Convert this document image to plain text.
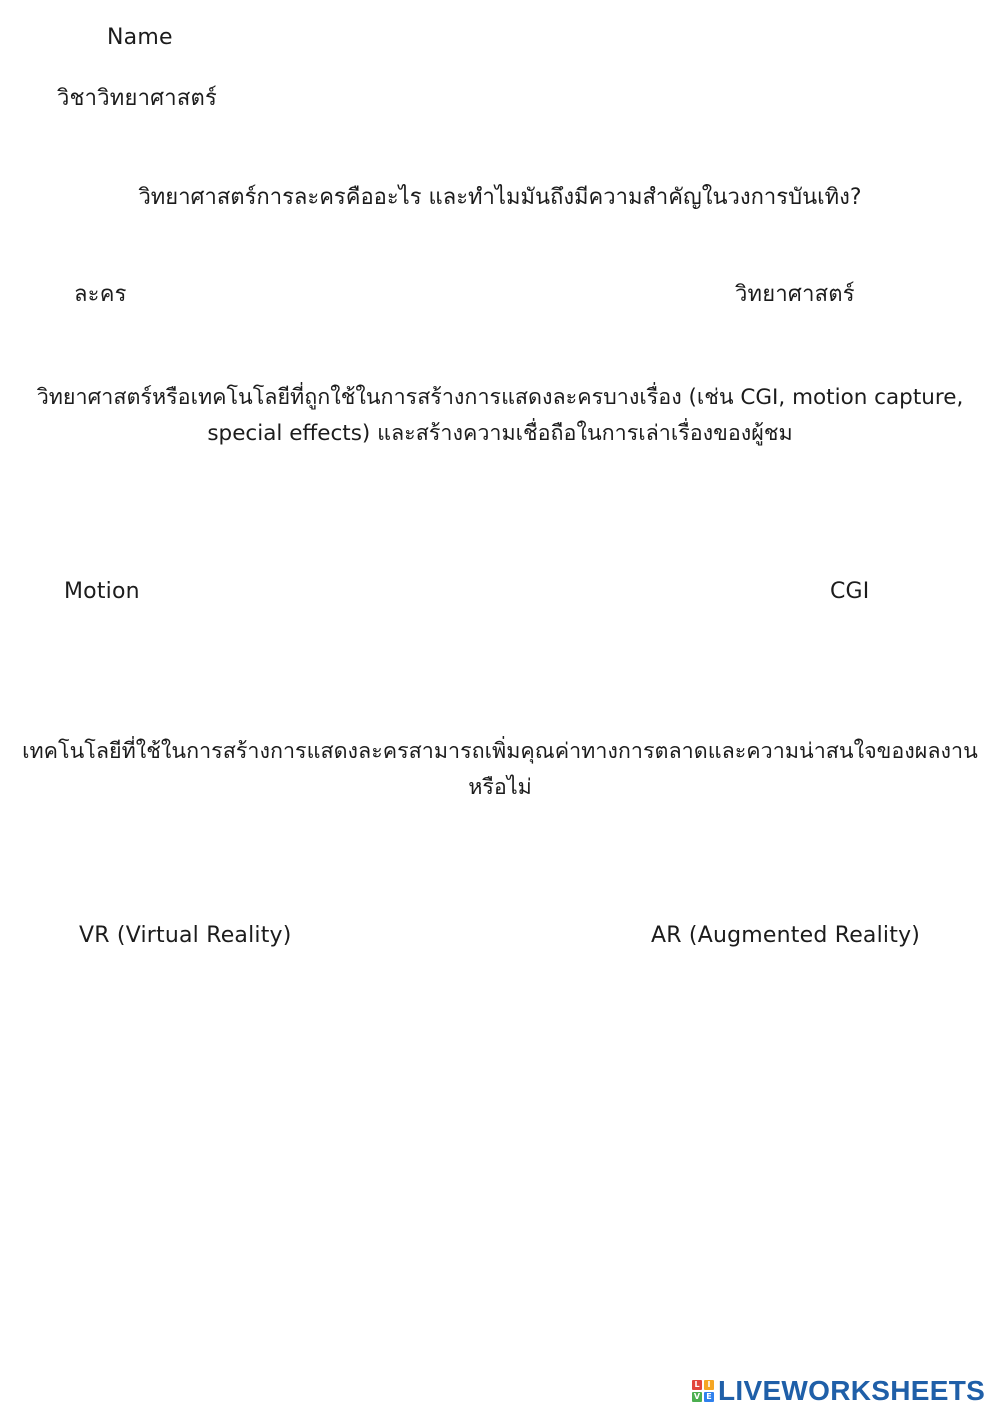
Name
วิชาวิทยาศาสตร์
วิทยาศาสตร์การละครคืออะไร และทำไมมันถึงมีความสำคัญในวงการบันเทิง?
ละคร	วิทยาศาสตร์
วิทยาศาสตร์หรือเทคโนโลยีที่ถูกใช้ในการสร้างการแสดงละครบางเรื่อง (เช่น CGI, motion capture,
special effects) และสร้างความเชื่อถือในการเล่าเรื่องของผู้ชม
Motion	CGI
เทคโนโลยีที่ใช้ในการสร้างการแสดงละครสามารถเพิ่มคุณค่าทางการตลาดและความน่าสนใจของผลงาน
หรือไม่
VR (Virtual Reality)	AR (Augmented Reality)
L I
V E LIVEWORKSHEETS
